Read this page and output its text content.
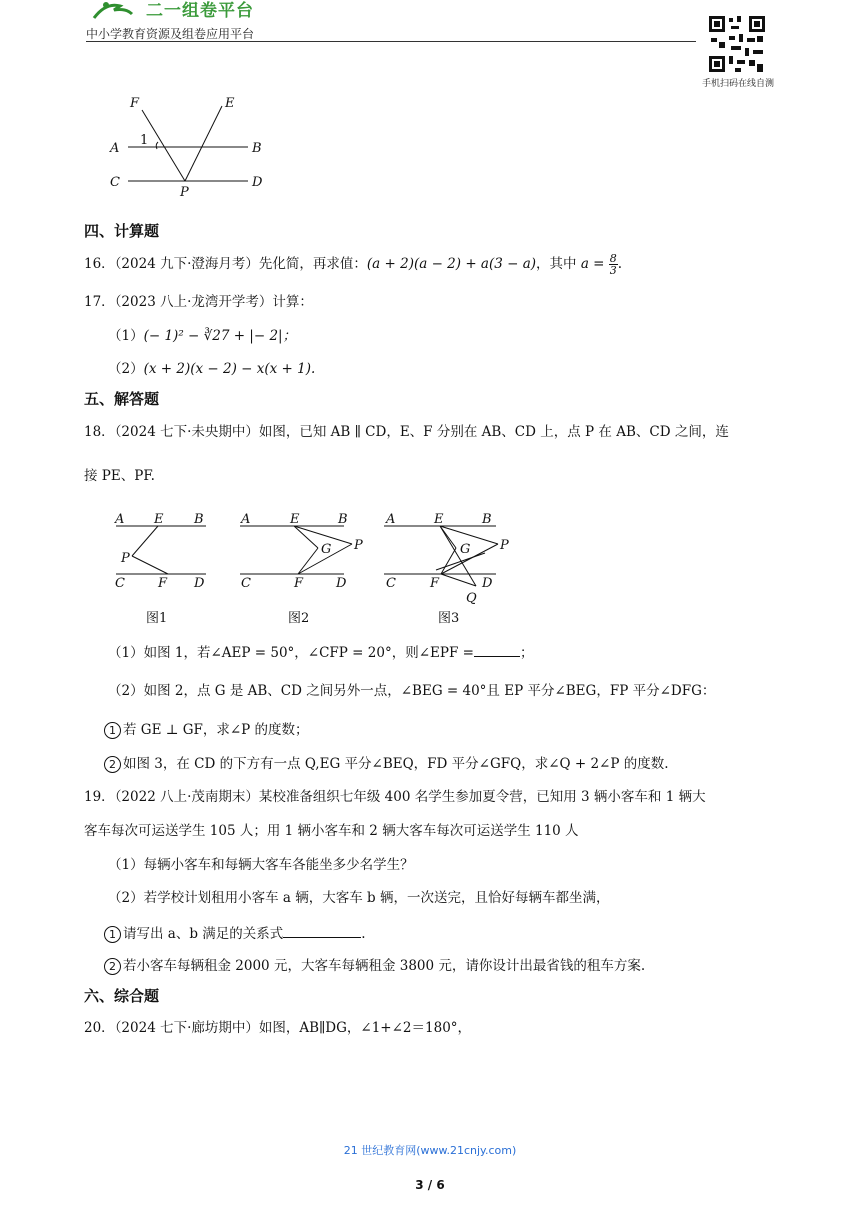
二一组卷平台
中小学教育资源及组卷应用平台
手机扫码在线自测
F	E
A	B
C	D
P
1
四、计算题
16．（2024 九下·澄海月考）先化简，再求值：(a + 2)(a − 2) + a(3 − a)，其中 $a = \frac{8}{3}$ .
17．（2023 八上·龙湾开学考）计算：
（1）(− 1)² − ∛27 + |− 2|；
（2）(x + 2)(x − 2) − x(x + 1).
五、解答题
18．（2024 七下·未央期中）如图，已知 AB ∥ CD，E、F 分别在 AB、CD 上，点 P 在 AB、CD 之间，连
接 PE、PF.
A E B
P
C	F D
A	E	B
G P
C	F	D
A	E	B
G P
C	F	D
Q
图1	图2	图3
（1）如图 1，若∠AEP = 50°，∠CFP = 20°，则∠EPF =	；
（2）如图 2，点 G 是 AB、CD 之间另外一点，∠BEG = 40°且 EP 平分∠BEG，FP 平分∠DFG：
1 若 GE ⊥ GF，求∠P 的度数；
2 如图 3，在 CD 的下方有一点 Q,EG 平分∠BEQ，FD 平分∠GFQ，求∠Q + 2∠P 的度数.
19．（2022 八上·茂南期末）某校准备组织七年级 400 名学生参加夏令营，已知用 3 辆小客车和 1 辆大
客车每次可运送学生 105 人；用 1 辆小客车和 2 辆大客车每次可运送学生 110 人
（1）每辆小客车和每辆大客车各能坐多少名学生？
（2）若学校计划租用小客车 a 辆，大客车 b 辆，一次送完，且恰好每辆车都坐满，
1 请写出 a、b 满足的关系式	.
2 若小客车每辆租金 2000 元，大客车每辆租金 3800 元，请你设计出最省钱的租车方案.
六、综合题
20．（2024 七下·廊坊期中）如图，AB∥DG，∠1+∠2＝180°，
21 世纪教育网(www.21cnjy.com)
3 / 6
